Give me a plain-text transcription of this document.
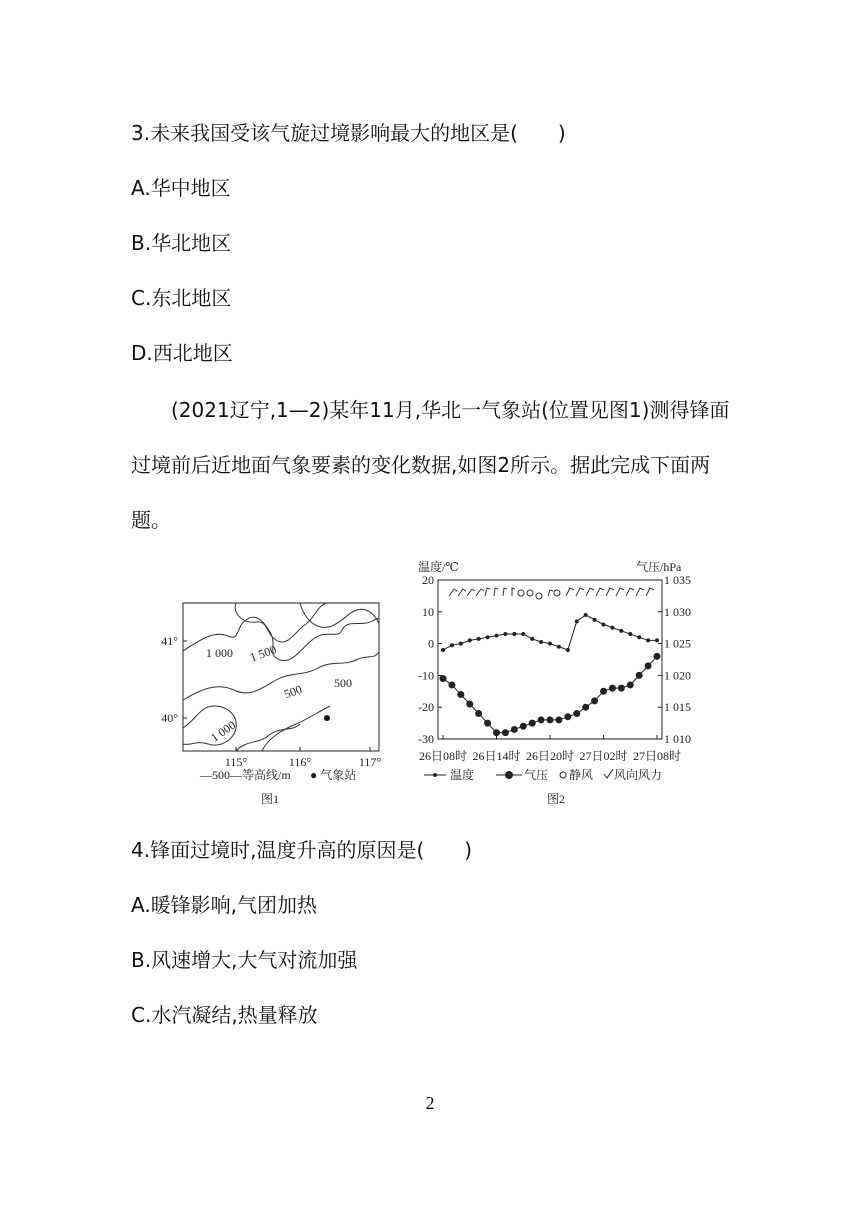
3.未来我国受该气旋过境影响最大的地区是(　　)
A.华中地区
B.华北地区
C.东北地区
D.西北地区
(2021辽宁,1—2)某年11月,华北一气象站(位置见图1)测得锋面
过境前后近地面气象要素的变化数据,如图2所示。据此完成下面两
题。
1 000 1 500
500	500
1 000
41°
40°
115°	116°	117°
—500—等高线/m ● 气象站
图1
温度/℃	气压/hPa
20
10
0
-10
-20
-30
1 035
1 030
1 025
1 020
1 015
1 010
26日08时 26日14时 26日20时 27日02时 27日08时
温度	气压 静风 风向风力
图2
4.锋面过境时,温度升高的原因是(　　)
A.暖锋影响,气团加热
B.风速增大,大气对流加强
C.水汽凝结,热量释放
2
